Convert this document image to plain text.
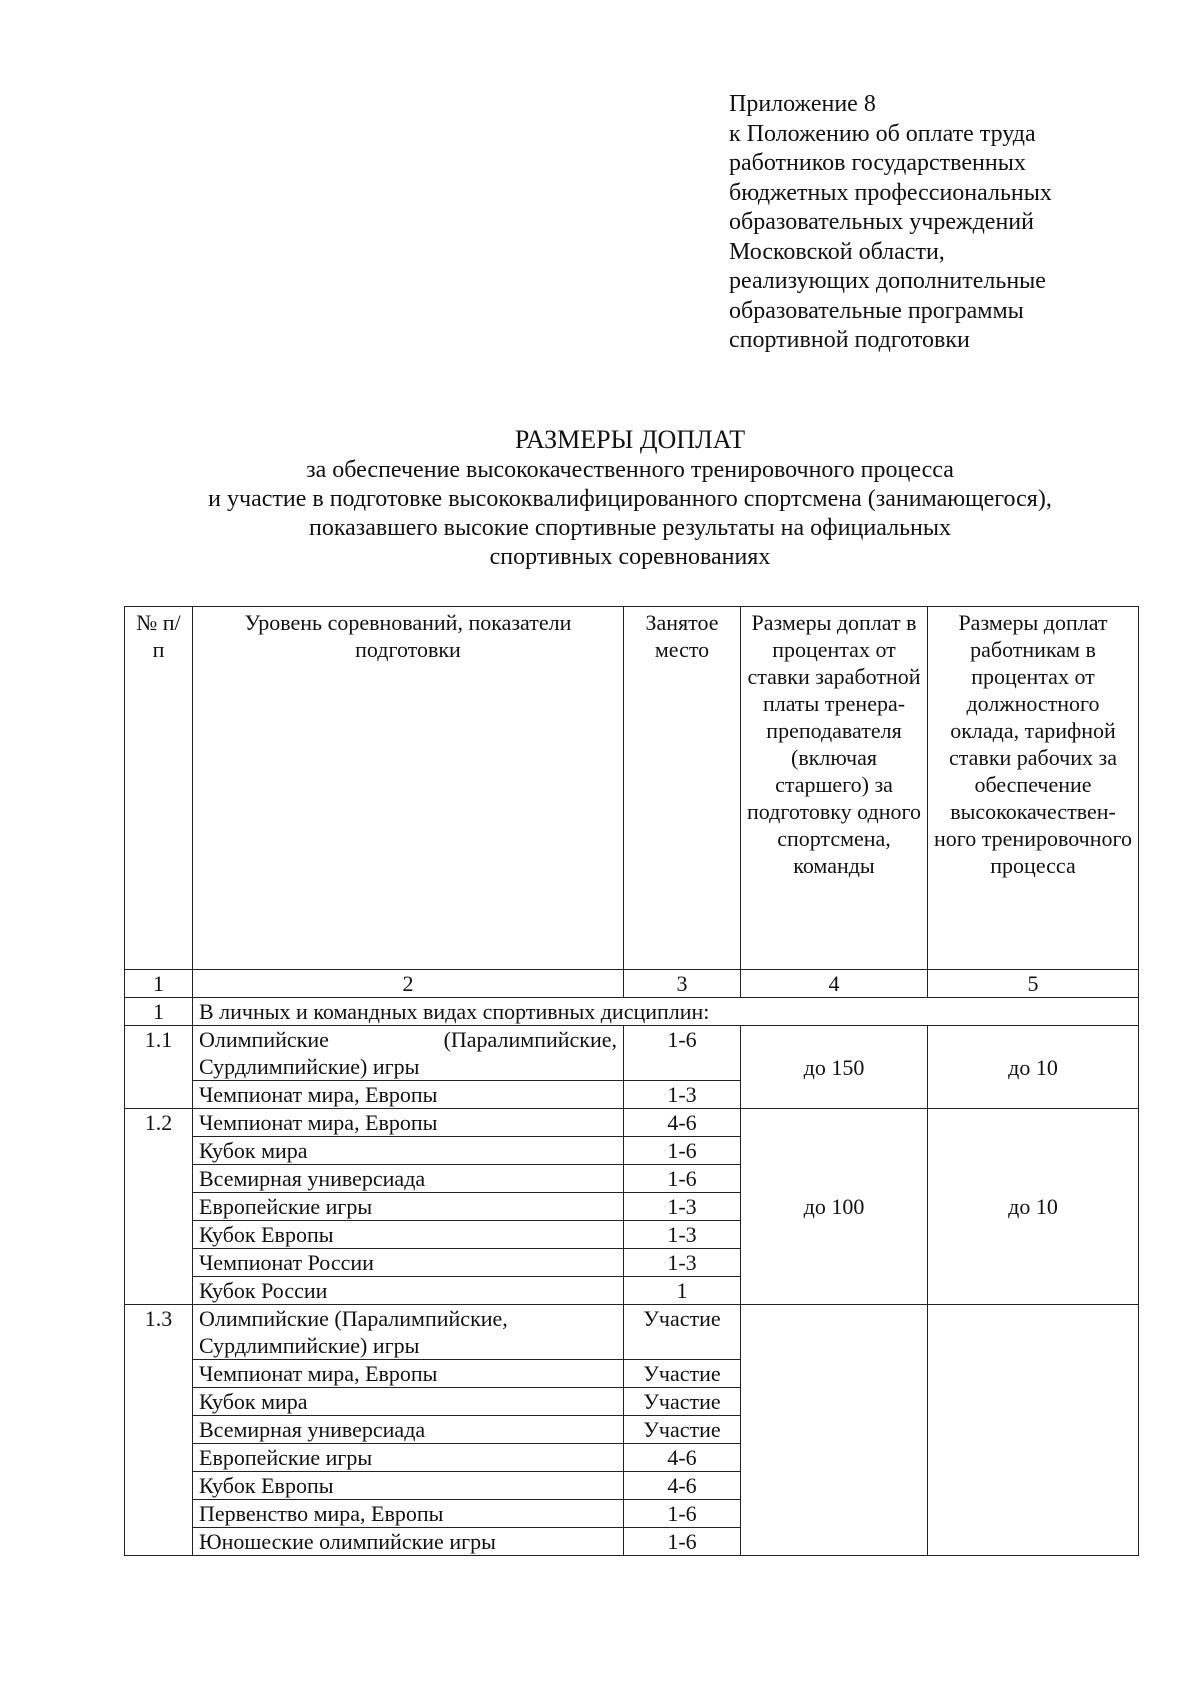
Приложение 8
к Положению об оплате труда
работников государственных
бюджетных профессиональных
образовательных учреждений
Московской области,
реализующих дополнительные
образовательные программы
спортивной подготовки
РАЗМЕРЫ ДОПЛАТ
за обеспечение высококачественного тренировочного процесса
и участие в подготовке высококвалифицированного спортсмена (занимающегося),
показавшего высокие спортивные результаты на официальных
спортивных соревнованиях
№ п/п	Уровень соревнований, показатели подготовки	Занятое место	Размеры доплат в процентах от ставки заработной платы тренера-преподавателя (включая старшего) за подготовку одного спортсмена, команды	Размеры доплат работникам в процентах от должностного оклада, тарифной ставки рабочих за обеспечение высококачествен-ного тренировочного процесса
1	2	3	4	5
1	В личных и командных видах спортивных дисциплин:			
1.1	Олимпийские (Паралимпийские,
Сурдлимпийские) игры	1-6	до 150	до 10
	Чемпионат мира, Европы	1-3		
1.2	Чемпионат мира, Европы	4-6	до 100	до 10
	Кубок мира	1-6		
	Всемирная универсиада	1-6		
	Европейские игры	1-3		
	Кубок Европы	1-3		
	Чемпионат России	1-3		
	Кубок России	1		
1.3	Олимпийские (Паралимпийские, Сурдлимпийские) игры	Участие		
	Чемпионат мира, Европы	Участие		
	Кубок мира	Участие		
	Всемирная универсиада	Участие		
	Европейские игры	4-6		
	Кубок Европы	4-6		
	Первенство мира, Европы	1-6		
	Юношеские олимпийские игры	1-6		
